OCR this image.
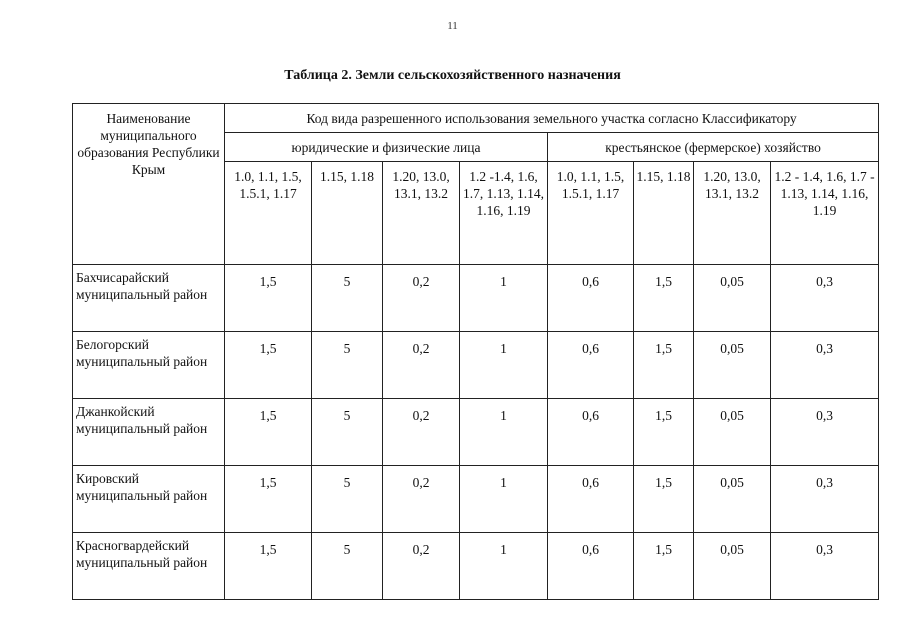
11
Таблица 2. Земли сельскохозяйственного назначения
Наименование муниципального образования Республики Крым	Код вида разрешенного использования земельного участка согласно Классификатору							
	юридические и физические лица				крестьянское (фермерское) хозяйство			
	1.0, 1.1, 1.5, 1.5.1, 1.17	1.15, 1.18	1.20, 13.0, 13.1, 13.2	1.2 -1.4, 1.6, 1.7, 1.13, 1.14, 1.16, 1.19	1.0, 1.1, 1.5, 1.5.1, 1.17	1.15, 1.18	1.20, 13.0, 13.1, 13.2	1.2 - 1.4, 1.6, 1.7 - 1.13, 1.14, 1.16, 1.19
Бахчисарайский муниципальный район	1,5	5	0,2	1	0,6	1,5	0,05	0,3
Белогорский муниципальный район	1,5	5	0,2	1	0,6	1,5	0,05	0,3
Джанкойский муниципальный район	1,5	5	0,2	1	0,6	1,5	0,05	0,3
Кировский муниципальный район	1,5	5	0,2	1	0,6	1,5	0,05	0,3
Красногвардейский муниципальный район	1,5	5	0,2	1	0,6	1,5	0,05	0,3
